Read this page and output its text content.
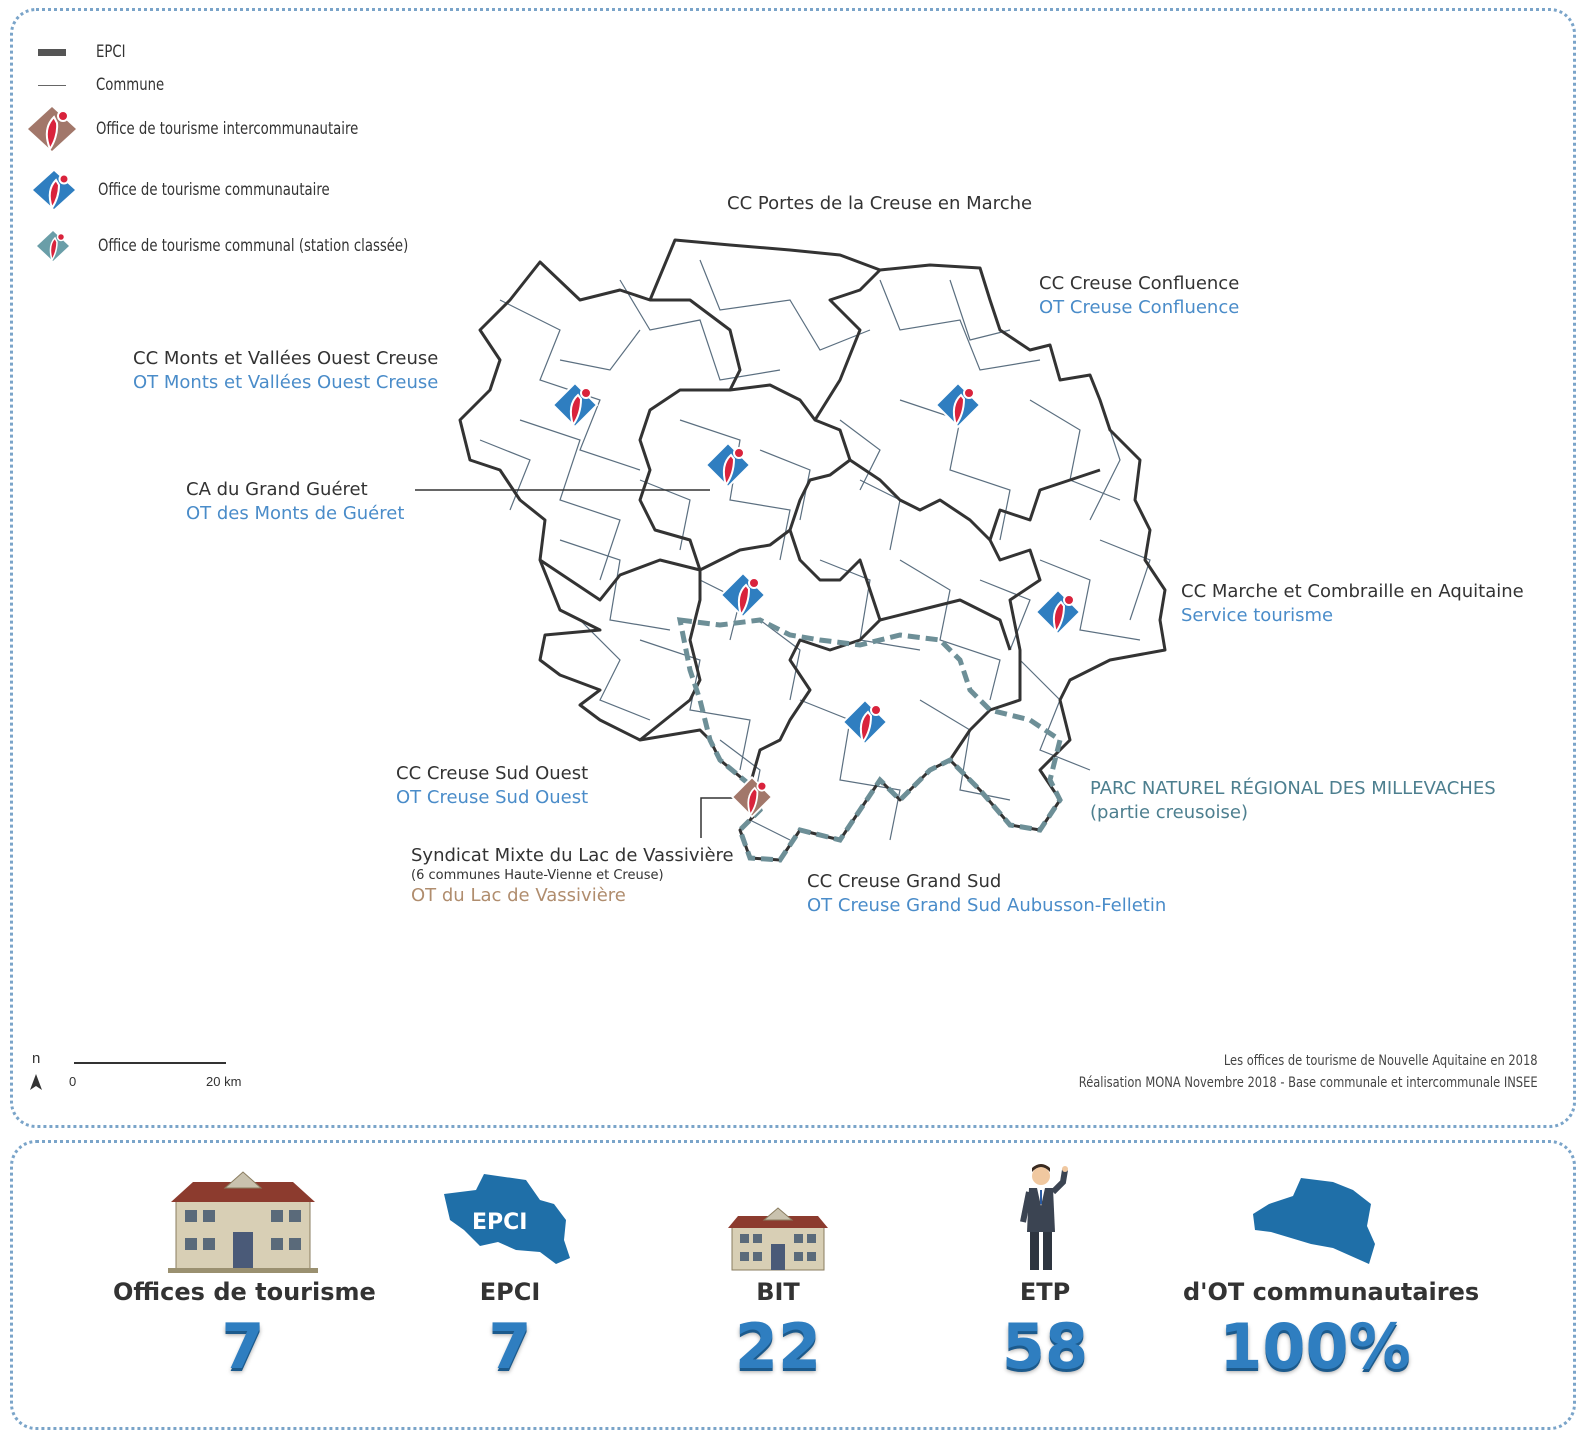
EPCI
Commune
Office de tourisme intercommunautaire
Office de tourisme communautaire
Office de tourisme communal (station classée)
CC Portes de la Creuse en Marche
CC Creuse Confluence
OT Creuse Confluence
CC Monts et Vallées Ouest Creuse
OT Monts et Vallées Ouest Creuse
CA du Grand Guéret
OT des Monts de Guéret
CC Marche et Combraille en Aquitaine
Service tourisme
CC Creuse Sud Ouest
OT Creuse Sud Ouest
Syndicat Mixte du Lac de Vassivière
(6 communes Haute-Vienne et Creuse)
OT du Lac de Vassivière
CC Creuse Grand Sud
OT Creuse Grand Sud Aubusson-Felletin
PARC NATUREL RÉGIONAL DES MILLEVACHES
(partie creusoise)
n
0	20 km
Les offices de tourisme de Nouvelle Aquitaine en 2018
Réalisation MONA Novembre 2018 - Base communale et intercommunale INSEE
Offices de tourisme
7
EPCI
EPCI
7
BIT
22
ETP
58
d'OT communautaires
100%
